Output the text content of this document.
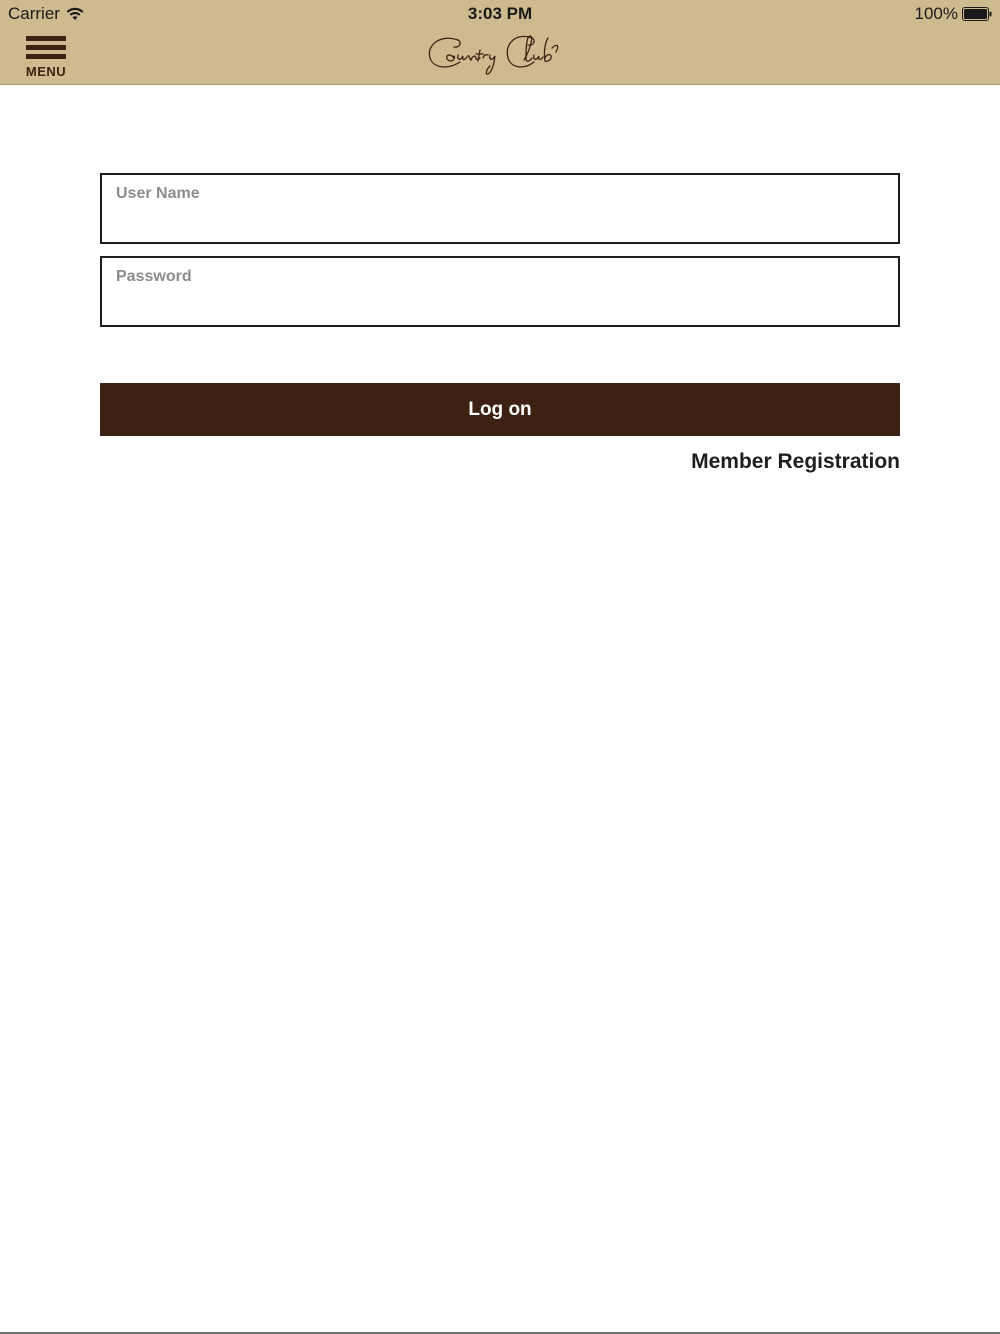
Carrier	3:03 PM	100%
MENU
User Name
Log on
Member Registration
